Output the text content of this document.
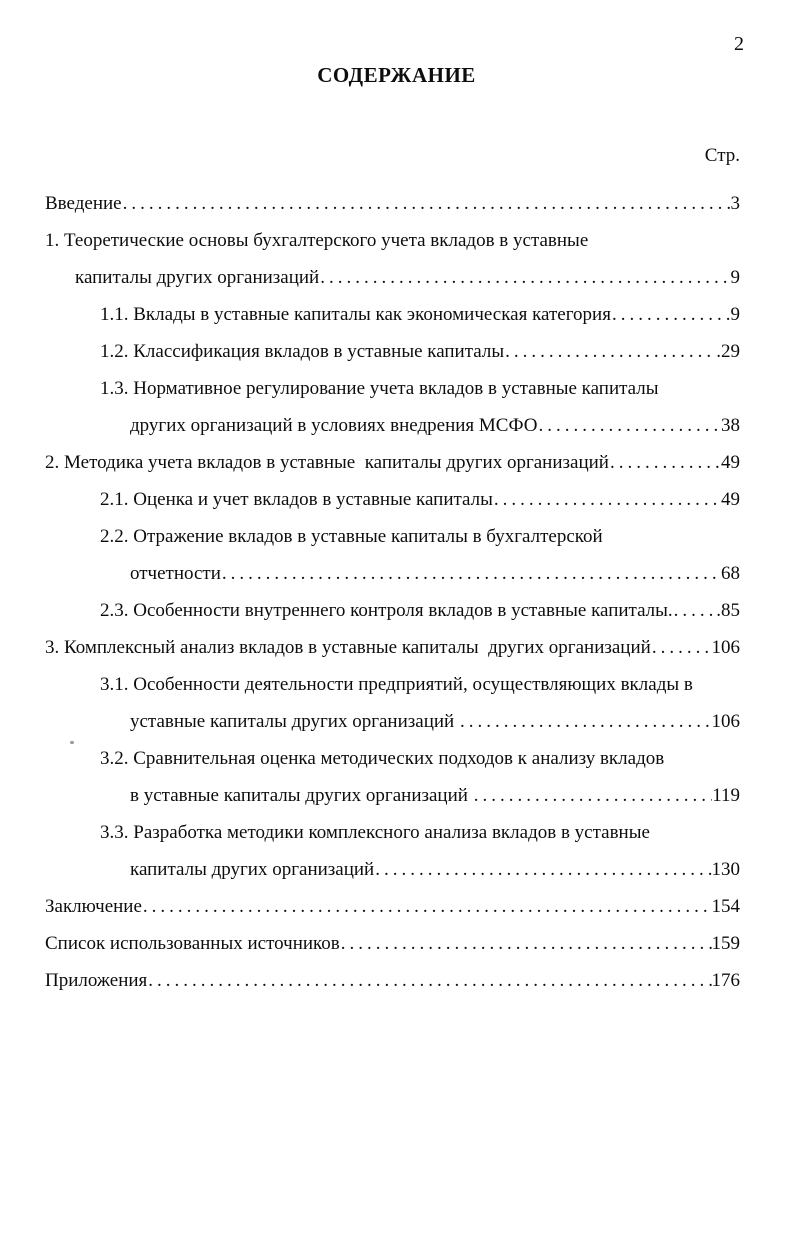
2
СОДЕРЖАНИЕ
Стр.
Введение .....	3
1. Теоретические основы бухгалтерского учета вкладов в уставные
капиталы других организаций .....	9
1.1. Вклады в уставные капиталы как экономическая категория .....	9
1.2. Классификация вкладов в уставные капиталы .....	.29
1.3. Нормативное регулирование учета вкладов в уставные капиталы
других организаций в условиях внедрения МСФО .....	38
2. Методика учета вкладов в уставные  капиталы других организаций .....	49
2.1. Оценка и учет вкладов в уставные капиталы .....	49
2.2. Отражение вкладов в уставные капиталы в бухгалтерской
отчетности .....	68
2.3. Особенности внутреннего контроля вкладов в уставные капиталы. ..... .85
3. Комплексный анализ вкладов в уставные капиталы  других организаций .....	106
3.1. Особенности деятельности предприятий, осуществляющих вклады в
уставные капиталы других организаций .....	106
3.2. Сравнительная оценка методических подходов к анализу вкладов
в уставные капиталы других организаций .....	119
3.3. Разработка методики комплексного анализа вкладов в уставные
капиталы других организаций .....	130
Заключение .....	154
Список использованных источников .....	159
Приложения .....	176
